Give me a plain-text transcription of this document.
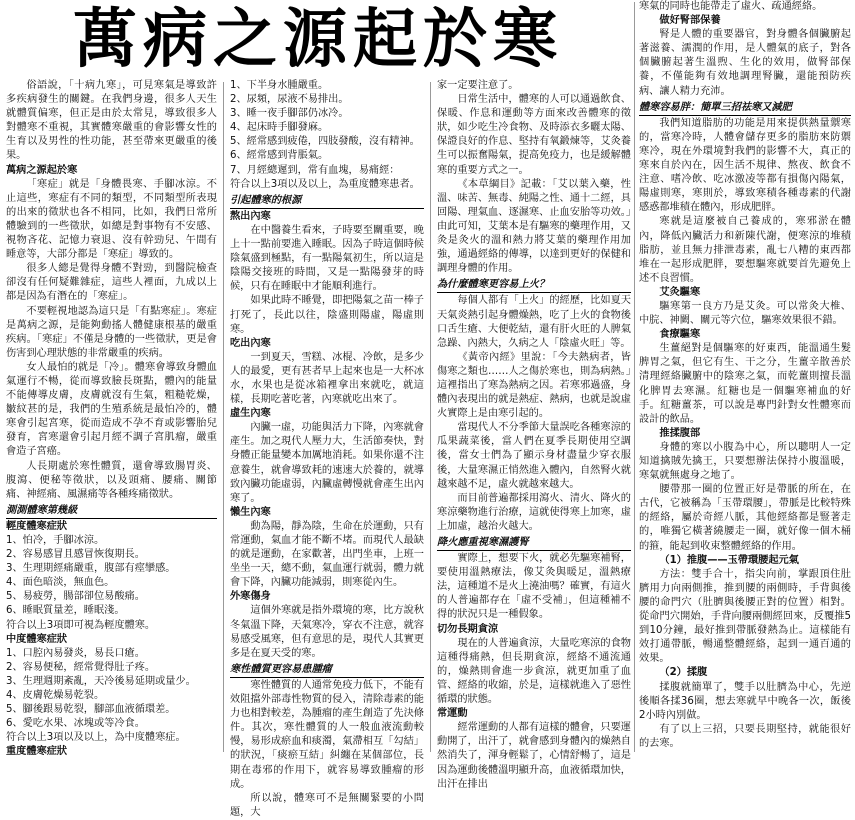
萬病之源起於寒

俗語說，「十病九寒」，可見寒氣是導致許多疾病發生的關鍵。在我們身邊，很多人天生就體質偏寒，但正是由於太常見，導致很多人對體寒不重視，其實體寒嚴重的會影響女性的生育以及男性的性功能，甚至帶來更嚴重的後果。

萬病之源起於寒

「寒症」就是「身體畏寒、手腳冰涼。不止這些，寒症有不同的類型，不同類型所表現的出來的徵狀也各不相同，比如，我們日常所體驗到的一些徵狀，如總是對事物有不安感、視物吝花、記憶力衰退、沒有幹勁兒、午間有睡意等，大部分都是「寒症」導致的。

很多人總是覺得身體不對勁，到醫院檢查卻沒有任何疑難雜症，這些人裡面，九成以上都是因為有潛在的「寒症」。

不要輕視地認為這只是「有點寒症」。寒症是萬病之源，是能夠動搖人體健康根基的嚴重疾病。「寒症」不僅是身體的一些徵狀，更是會伤害到心理狀態的非常嚴重的疾病。

女人最怕的就是「冷」。體寒會導致身體血氣運行不暢，從而導致臉長斑點，體內的能量不能傳導皮膚，皮膚就沒有生氣，粗糙乾燥，皺紋甚的是，我們的生殖系統是最怕冷的，體寒會引起宮寒，從而造成不孕不育或影響胎兒發育，宮寒還會引起月經不調子宮肌瘤，嚴重會造子宮癌。

人長期處於寒性體質，還會導致腸胃炎、腹瀉、便秘等徵狀，以及頭痛、腰痛、關節痛、神經痛、風濕痛等各種疼痛徵狀。

測測體寒第幾級

輕度體寒症狀

1、怕冷，手腳冰涼。

2、容易感冒且感冒恢復期長。

3、生理期經痛嚴重，腹部有痙攣感。

4、面色暗淡，無血色。

5、易疲勞，腸部卻位易酸痛。

6、睡眠質量差，睡眠淺。

符合以上3項即可視為輕度體寒。

中度體寒症狀

1、口腔內易發炎，易長口瘡。

2、容易便秘，經常覺得肚子疼。

3、生理週期紊亂，天冷後易延期或量少。

4、皮膚乾燥易乾裂。

5、腳後跟易乾裂，腳部血液循環差。

6、愛吃水果、冰塊或等冷食。

符合以上3項以及以上，為中度體寒症。

重度體寒症狀

1、下半身水腫嚴重。

2、尿頻，尿液不易排出。

3、睡一夜手腳部仍冰冷。

4、起床時手腳發麻。

5、經常感到疲倦，四肢發酸，沒有精神。

6、經常感到背脹氣。

7、月經總遲到，常有血塊，易痛經：

符合以上3項以及以上，為重度體寒患者。

引起體寒的根源

熬出內寒

在中醫養生看來，子時要至關重要，晚上十一點前要進入睡眠。因為子時這個時候陰氣盛到極點，有一點陽氣初生，所以這是陰陽交接班的時間，又是一點陽發芽的時候，只有在睡眠中才能順利進行。

如果此時不睡覺，即把陽氣之苗一棒子打死了，長此以往，陰盛則陽虛，陽虛則寒。

吃出內寒

一到夏天，雪糕、冰棍、冷飲，是多少人的最愛，更有甚者早上起來也是一大杯冰水，水果也是從冰箱裡拿出來就吃，就這樣，長期吃著吃著，內寒就吃出來了。

虛生內寒

內臟一虛，功能與活力下降，內寒就會產生。加之現代人壓力大，生活節奏快，對身體正能量變本加厲地消耗。如果你還不注意養生，就會導致耗的速速大於養的，就導致內臟功能虛弱，內臟虛轉慢就會產生出內寒了。

懶生內寒

動為陽，靜為陰，生命在於運動，只有常運動，氣血才能不斷不堵。而現代人最缺的就是運動，在家歡著，出門坐車，上班一坐坐一天，總不動，氣血運行就弱，體力就會下降，內臟功能減弱，則寒從內生。

外寒傷身

這個外寒就是指外環境的寒，比方說秋冬氣溫下降，天氣寒冷，穿衣不注意，就容易感受風寒，但有意思的是，現代人其實更多是在夏天受的寒。

寒性體質更容易患腫瘤

寒性體質的人通常免疫力低下，不能有效阻擋外部毒性物質的侵入，清除毒素的能力也相對較差，為腫瘤的產生創造了先決條件。其次，寒性體質的人一般血液流動較慢，易形成瘀血和痰濁，氣滯相互「勾結」的狀況，「痰瘀互結」糾纏在某個部位，長期在毒邪的作用下，就容易導致腫瘤的形成。

所以說，體寒可不是無關緊要的小問題，大

家一定要注意了。

日常生活中，體寒的人可以通過飲食、保暖、作息和運動等方面來改善體寒的徵狀，如少吃生冷食物、及時添衣多曬太陽、保證良好的作息、堅持有氧鍛煉等，艾灸養生可以振奮陽氣，提高免疫力，也是緩解體寒的重要方式之一。

《本草綱目》記載：「艾以葉入藥，性溫、味苦、無毒、純陽之性、通十二經，具回陽、理氣血、逐濕寒、止血安胎等功效。」由此可知，艾葉本是有驅寒的藥理作用，又灸是灸火的溫和熱力將艾葉的藥理作用加強，通過經絡的傳導，以達到更好的保健和調理身體的作用。

為什麼體寒更容易上火？

每個人都有「上火」的經歷，比如夏天天氣炎熱引起身體燥熱，吃了上火的食物後口舌生瘡、大便乾結，還有肝火旺的人脾氣急躁、內熱大，久病之人「陰虛火旺」等。

《黃帝內經》里說：「今夫熱病者，皆傷寒之類也……人之傷於寒也，則為病熱。」這裡指出了寒為熱病之因。若寒邪過盛，身體內表現出的就是熱症、熱病，也就是說虛火實際上是由寒引起的。

當現代人不分季節大量誤吃各種寒涼的瓜果蔬菜後，當人們在夏季長期使用空調後，當女士們為了顯示身材盡量少穿衣服後，大量寒濕正悄然進入體內，自然腎火就越來越不足，虛火就越來越大。

而目前普遍都採用瀉火、清火、降火的寒涼藥物進行治療，這就使得寒上加寒，虛上加虛，越治火越大。

降火應重視寒濕護腎

實際上，想要下火，就必先驅寒補腎，要使用溫熱療法，像艾灸與暖足，溫熱療法，這種道不是火上澆油嗎？確實，有這火的人普遍都存在「虛不受補」，但這種補不得的狀況只是一種假象。

切勿長期貪涼

現在的人普遍貪涼，大量吃寒涼的食物這種得痛熱，但長期貪涼，經絡不通流通的，燥熱則會進一步貪涼，就更加重了血管、經絡的收縮，於是，這樣就進入了惡性循環的狀態。

常運動

經常運動的人都有這樣的體會，只要運動開了，出汗了，就會感到身體內的燥熱自然消失了，渾身輕鬆了，心情舒暢了，這是因為運動後體溫明顯升高，血液循環加快，出汗在排出

寒氣的同時也能帶走了虛火、疏通經絡。

做好腎部保養

腎是人體的重要器官，對身體各個臟腑起著滋養、濡潤的作用，是人體氣的底子，對各個臟腑起著生溫煦、生化的效用，做腎部保養，不僅能夠有效地調理腎臟，還能預防疾病、讓人精力充沛。

體寒容易胖：簡單三招祛寒又減肥

我們知道脂肪的功能是用來提供熱量禦寒的，當寒冷時，人體會儲存更多的脂肪來防禦寒冷，現在外環境對我們的影響不大，真正的寒來自於內在，因生活不規律、熬夜、飲食不注意、嗜冷飲、吃冰激凌等都有損傷內陽氣，陽虛則寒，寒則於，導致寒積各種毒素的代謝感惑都堆積在體內，形成肥胖。

寒就是這麼被自己養成的，寒邪淤在體內，降低內臟活力和新陳代謝，便寒涼的堆積脂肪，並且無力排泄毒素，亂七八糟的東西都堆在一起形成肥胖，要想驅寒就要首先避免上述不良習慣。

艾灸驅寒

驅寒第一良方乃是艾灸。可以常灸大椎、中脘、神闕、關元等穴位，驅寒效果很不錯。

食療驅寒

生薑絕對是個驅寒的好東西，能溫通生髮脾胃之氣，但它有生、干之分，生薑辛散善於清理經絡臟腑中的陰寒之氣，而乾薑則擅長溫化脾胃去寒濕。紅糖也是一個驅寒補血的好手。紅糖薑茶，可以說是專門針對女性體寒而設計的飲品。

推揉腹部

身體的寒以小腹為中心，所以聰明人一定知道擒賊先擒王，只要想辦法保持小腹溫暖，寒氣就無處身之地了。

腰帶那一圈的位置正好是帶脈的所在，在古代，它被稱為「玉帶環腰」，帶脈是比較特殊的經絡，屬於奇經八脈，其他經絡都是豎著走的，唯獨它橫著繞腰走一圈，就好像一個木桶的箍，能起到收束整體經絡的作用。

（1）推腹——玉帶環腰起元氣

方法：雙手合十，指尖向前，掌跟頂住肚臍用力向兩側推，推到腰的兩側時，手背與後腰的命門穴（肚臍與後腰正對的位置）相對。從命門穴開始，手背向腰兩側經回來，反覆推5到10分鐘，最好推到帶脈發熱為止。這樣能有效打通帶脈，暢通整體經絡，起到一通百通的效果。

（2）揉腹

揉腹就簡單了，雙手以肚臍為中心，先逆後順各揉36圈，想去寒就早中晚各一次，飯後2小時內別做。

有了以上三招，只要長期堅持，就能很好的去寒。
